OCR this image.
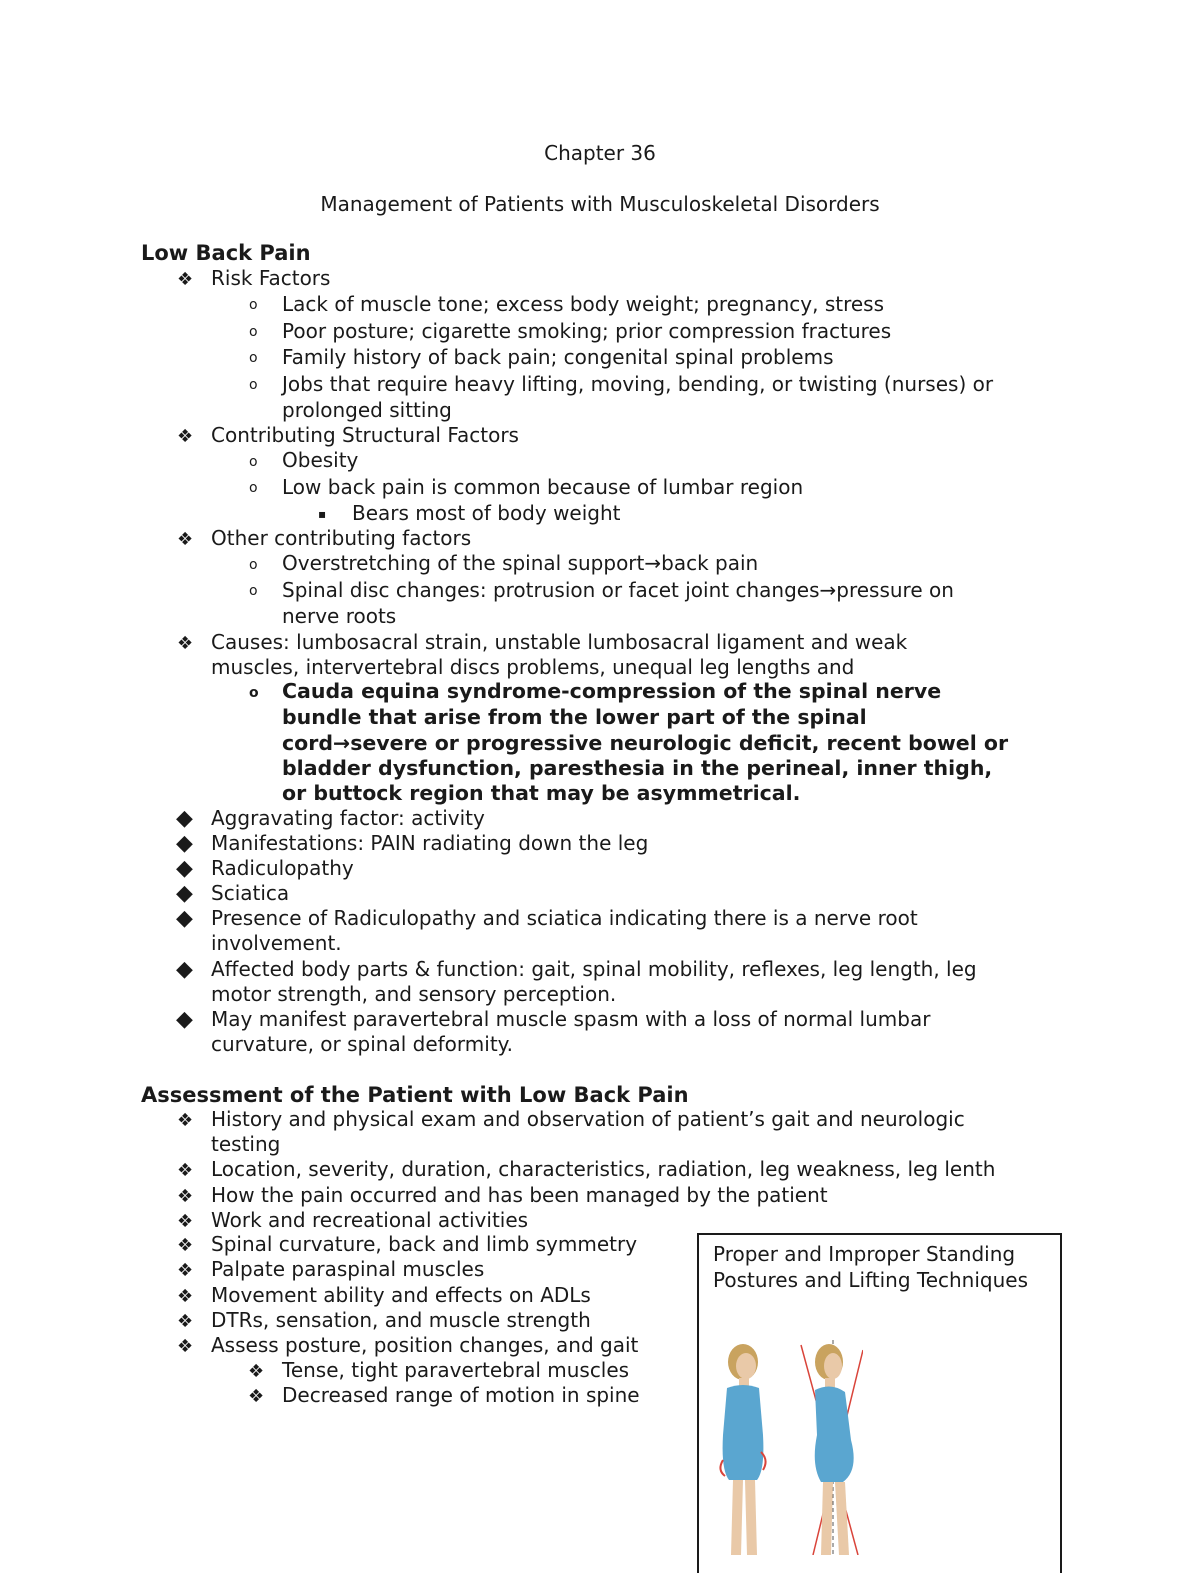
Chapter 36
Management of Patients with Musculoskeletal Disorders
Low Back Pain
❖ Risk Factors
o Lack of muscle tone; excess body weight; pregnancy, stress
o Poor posture; cigarette smoking; prior compression fractures
o Family history of back pain; congenital spinal problems
o Jobs that require heavy lifting, moving, bending, or twisting (nurses) or
prolonged sitting
❖ Contributing Structural Factors
o Obesity
o Low back pain is common because of lumbar region
▪ Bears most of body weight
❖ Other contributing factors
o Overstretching of the spinal support→back pain
o Spinal disc changes: protrusion or facet joint changes→pressure on
nerve roots
❖ Causes: lumbosacral strain, unstable lumbosacral ligament and weak
muscles, intervertebral discs problems, unequal leg lengths and
o Cauda equina syndrome-compression of the spinal nerve
bundle that arise from the lower part of the spinal
cord→severe or progressive neurologic deficit, recent bowel or
bladder dysfunction, paresthesia in the perineal, inner thigh,
or buttock region that may be asymmetrical.
◆ Aggravating factor: activity
◆ Manifestations: PAIN radiating down the leg
◆ Radiculopathy
◆ Sciatica
◆ Presence of Radiculopathy and sciatica indicating there is a nerve root
involvement.
◆ Affected body parts & function: gait, spinal mobility, reflexes, leg length, leg
motor strength, and sensory perception.
◆ May manifest paravertebral muscle spasm with a loss of normal lumbar
curvature, or spinal deformity.
Assessment of the Patient with Low Back Pain
❖ History and physical exam and observation of patient’s gait and neurologic
testing
❖ Location, severity, duration, characteristics, radiation, leg weakness, leg lenth
❖ How the pain occurred and has been managed by the patient
❖ Work and recreational activities
❖ Spinal curvature, back and limb symmetry
❖ Palpate paraspinal muscles
❖ Movement ability and effects on ADLs
❖ DTRs, sensation, and muscle strength
❖ Assess posture, position changes, and gait
❖ Tense, tight paravertebral muscles
❖ Decreased range of motion in spine
Proper and Improper Standing Postures and Lifting Techniques
